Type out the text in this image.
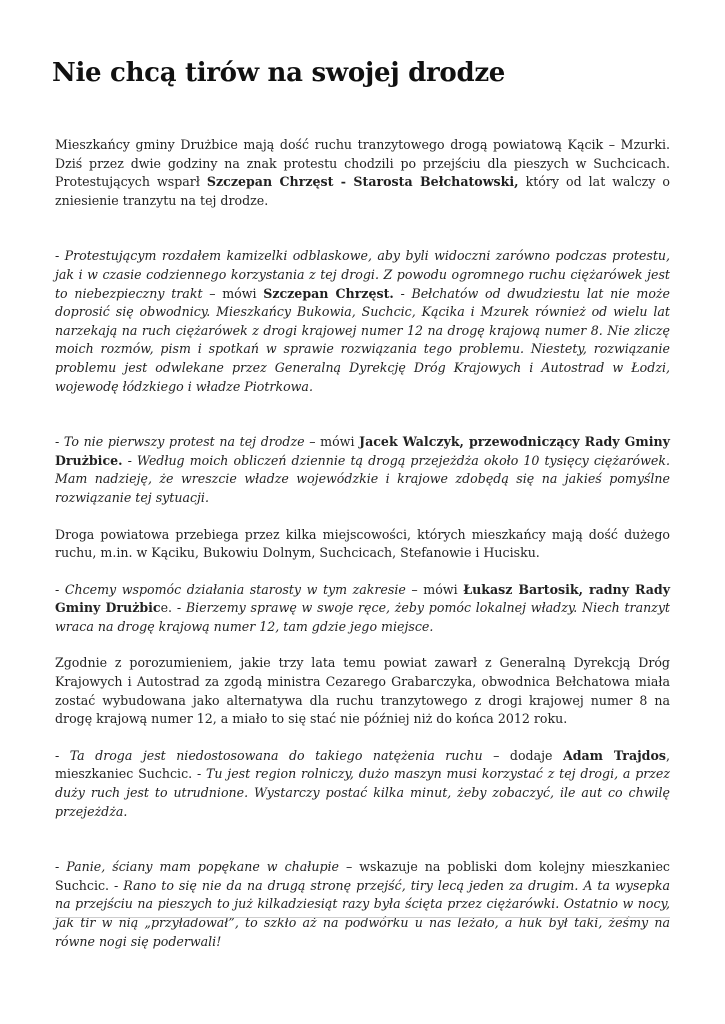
Nie chcą tirów na swojej drodze

Mieszkańcy gminy Drużbice mają dość ruchu tranzytowego drogą powiatową Kącik – Mzurki. Dziś przez dwie godziny na znak protestu chodzili po przejściu dla pieszych w Suchcicach. Protestujących wsparł Szczepan Chrzęst - Starosta Bełchatowski, który od lat walczy o zniesienie tranzytu na tej drodze.

- Protestującym rozdałem kamizelki odblaskowe, aby byli widoczni zarówno podczas protestu, jak i w czasie codziennego korzystania z tej drogi. Z powodu ogromnego ruchu ciężarówek jest to niebezpieczny trakt – mówi Szczepan Chrzęst. - Bełchatów od dwudziestu lat nie może doprosić się obwodnicy. Mieszkańcy Bukowia, Suchcic, Kącika i Mzurek również od wielu lat narzekają na ruch ciężarówek z drogi krajowej numer 12 na drogę krajową numer 8. Nie zliczę moich rozmów, pism i spotkań w sprawie rozwiązania tego problemu. Niestety, rozwiązanie problemu jest odwlekane przez Generalną Dyrekcję Dróg Krajowych i Autostrad w Łodzi, wojewodę łódzkiego i władze Piotrkowa.

- To nie pierwszy protest na tej drodze – mówi Jacek Walczyk, przewodniczący Rady Gminy Drużbice. - Według moich obliczeń dziennie tą drogą przejeżdża około 10 tysięcy ciężarówek. Mam nadzieję, że wreszcie władze wojewódzkie i krajowe zdobędą się na jakieś pomyślne rozwiązanie tej sytuacji.

Droga powiatowa przebiega przez kilka miejscowości, których mieszkańcy mają dość dużego ruchu, m.in. w Kąciku, Bukowiu Dolnym, Suchcicach, Stefanowie i Hucisku.

- Chcemy wspomóc działania starosty w tym zakresie – mówi Łukasz Bartosik, radny Rady Gminy Drużbice. - Bierzemy sprawę w swoje ręce, żeby pomóc lokalnej władzy. Niech tranzyt wraca na drogę krajową numer 12, tam gdzie jego miejsce.

Zgodnie z porozumieniem, jakie trzy lata temu powiat zawarł z Generalną Dyrekcją Dróg Krajowych i Autostrad za zgodą ministra Cezarego Grabarczyka, obwodnica Bełchatowa miała zostać wybudowana jako alternatywa dla ruchu tranzytowego z drogi krajowej numer 8 na drogę krajową numer 12, a miało to się stać nie później niż do końca 2012 roku.

- Ta droga jest niedostosowana do takiego natężenia ruchu – dodaje Adam Trajdos, mieszkaniec Suchcic. - Tu jest region rolniczy, dużo maszyn musi korzystać z tej drogi, a przez duży ruch jest to utrudnione. Wystarczy postać kilka minut, żeby zobaczyć, ile aut co chwilę przejeżdża.

- Panie, ściany mam popękane w chałupie – wskazuje na pobliski dom kolejny mieszkaniec Suchcic. - Rano to się nie da na drugą stronę przejść, tiry lecą jeden za drugim. A ta wysepka na przejściu na pieszych to już kilkadziesiąt razy była ścięta przez ciężarówki. Ostatnio w nocy, jak tir w nią „przyładował”, to szkło aż na podwórku u nas leżało, a huk był taki, żeśmy na równe nogi się poderwali!
